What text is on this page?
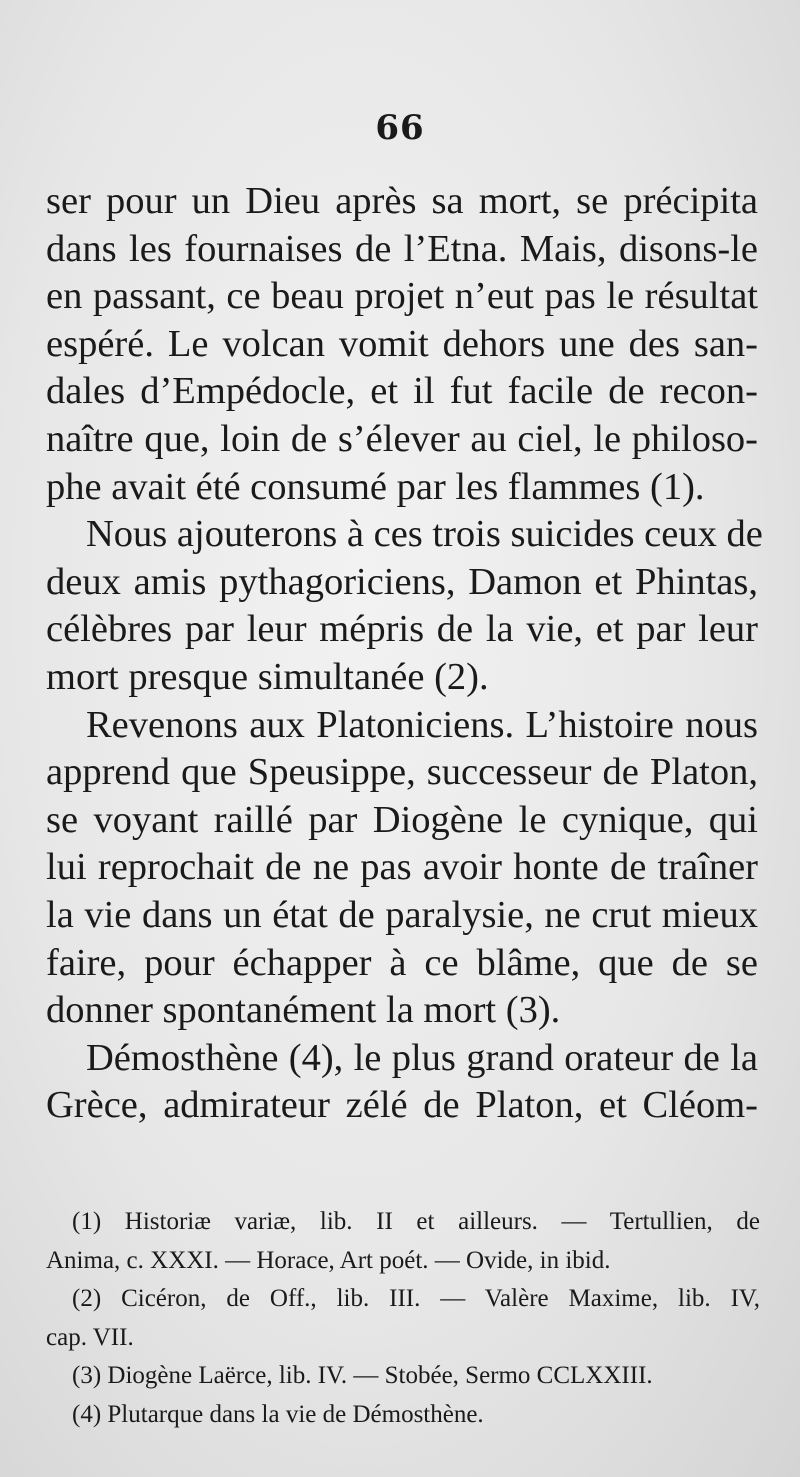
66
ser pour un Dieu après sa mort, se précipita
dans les fournaises de l’Etna. Mais, disons-le
en passant, ce beau projet n’eut pas le résultat
espéré. Le volcan vomit dehors une des san-
dales d’Empédocle, et il fut facile de recon-
naître que, loin de s’élever au ciel, le philoso-
phe avait été consumé par les flammes (1).
Nous ajouterons à ces trois suicides ceux de
deux amis pythagoriciens, Damon et Phintas,
célèbres par leur mépris de la vie, et par leur
mort presque simultanée (2).
Revenons aux Platoniciens. L’histoire nous
apprend que Speusippe, successeur de Platon,
se voyant raillé par Diogène le cynique, qui
lui reprochait de ne pas avoir honte de traîner
la vie dans un état de paralysie, ne crut mieux
faire, pour échapper à ce blâme, que de se
donner spontanément la mort (3).
Démosthène (4), le plus grand orateur de la
Grèce, admirateur zélé de Platon, et Cléom-
(1) Historiæ variæ, lib. II et ailleurs. — Tertullien, de
Anima, c. XXXI. — Horace, Art poét. — Ovide, in ibid.
(2) Cicéron, de Off., lib. III. — Valère Maxime, lib. IV,
cap. VII.
(3) Diogène Laërce, lib. IV. — Stobée, Sermo CCLXXIII.
(4) Plutarque dans la vie de Démosthène.
